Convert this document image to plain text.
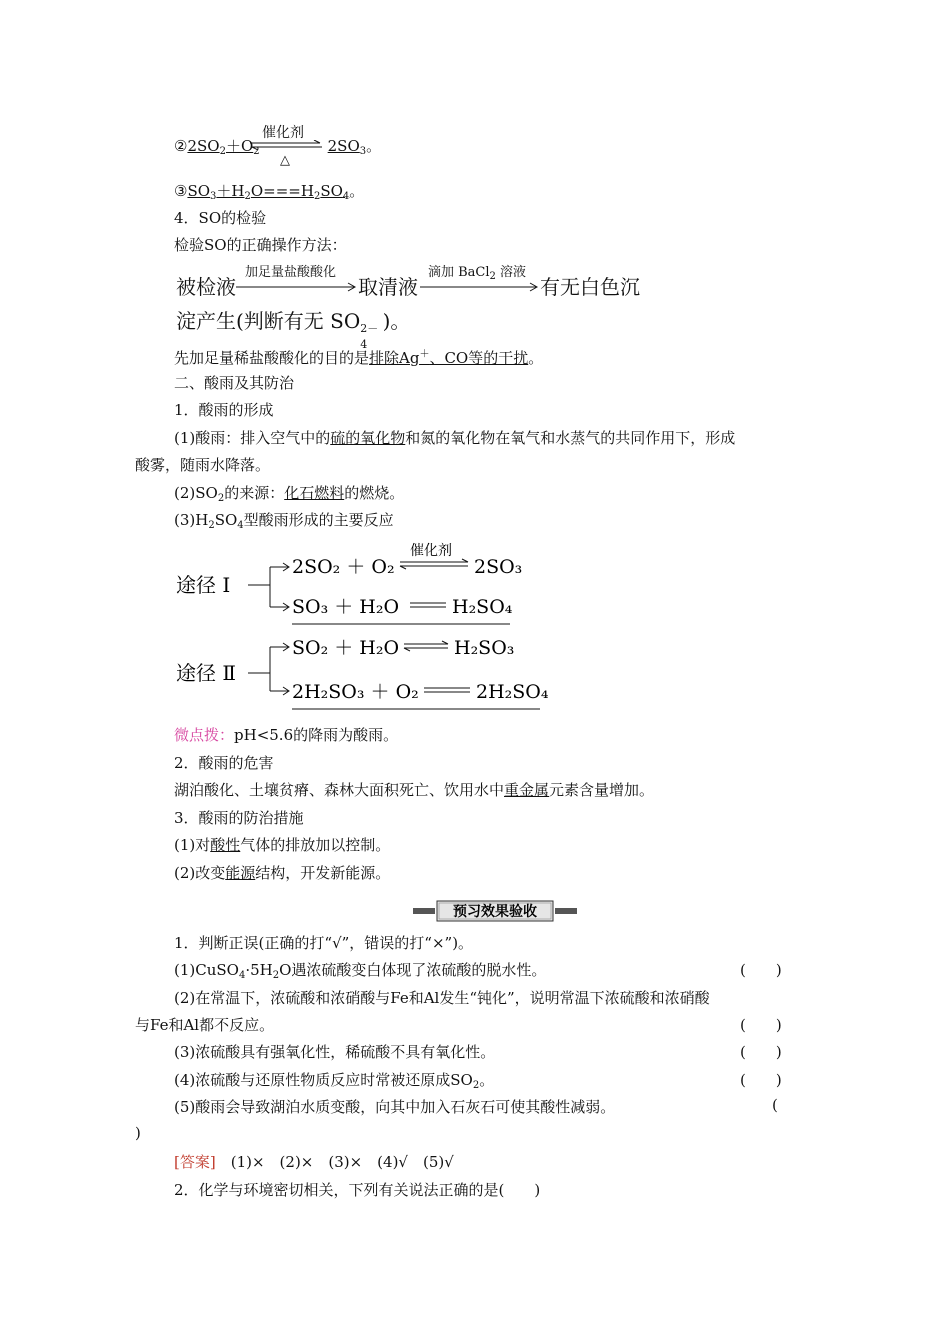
$②2SO_2+O_2$	$2SO_3$。
催化剂
△
$③SO_3+H_2O===H_2SO_4$。
4．SO的检验
检验SO的正确操作方法：
被检液
加足量盐酸酸化
取清液
滴加 BaCl$_2$ 溶液
有无白色沉
淀产生(判断有无 SO 2－
4
)。
先加足量稀盐酸酸化的目的是排除Ag＋、CO等的干扰。
二、酸雨及其防治
1．酸雨的形成
(1)酸雨：排入空气中的硫的氧化物和氮的氧化物在氧气和水蒸气的共同作用下，形成
酸雾，随雨水降落。
$(2)SO_2$的来源：化石燃料的燃烧。
$(3)H_2SO_4$型酸雨形成的主要反应
途径 Ⅰ
2SO₂ ＋ O₂
催化剂
2SO₃
SO₃ ＋ H₂O	H₂SO₄
途径 Ⅱ
SO₂ ＋ H₂O	H₂SO₃
2H₂SO₃ ＋ O₂	2H₂SO₄
微点拨：pH<5.6的降雨为酸雨。
2．酸雨的危害
湖泊酸化、土壤贫瘠、森林大面积死亡、饮用水中重金属元素含量增加。
3．酸雨的防治措施
(1)对酸性气体的排放加以控制。
(2)改变能源结构，开发新能源。
预习效果验收
1．判断正误(正确的打“√”，错误的打“×”)。
$(1)CuSO_4\cdot 5H_2O$遇浓硫酸变白体现了浓硫酸的脱水性。	(　　)
(2)在常温下，浓硫酸和浓硝酸与Fe和Al发生“钝化”，说明常温下浓硫酸和浓硝酸
与Fe和Al都不反应。	(　　)
(3)浓硫酸具有强氧化性，稀硫酸不具有氧化性。	(　　)
(4)浓硫酸与还原性物质反应时常被还原成$SO_2$。	(　　)
(5)酸雨会导致湖泊水质变酸，向其中加入石灰石可使其酸性减弱。	(
)
[答案]　 (1)×　(2)×　(3)×　(4)√　(5)√
2．化学与环境密切相关，下列有关说法正确的是(　　)
